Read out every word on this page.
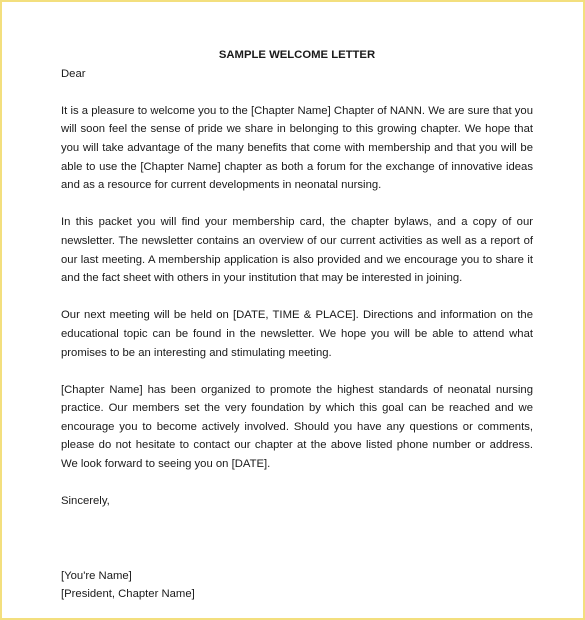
SAMPLE WELCOME LETTER

Dear

It is a pleasure to welcome you to the [Chapter Name] Chapter of NANN. We are sure that you will soon feel the sense of pride we share in belonging to this growing chapter. We hope that you will take advantage of the many benefits that come with membership and that you will be able to use the [Chapter Name] chapter as both a forum for the exchange of innovative ideas and as a resource for current developments in neonatal nursing.

In this packet you will find your membership card, the chapter bylaws, and a copy of our newsletter. The newsletter contains an overview of our current activities as well as a report of our last meeting. A membership application is also provided and we encourage you to share it and the fact sheet with others in your institution that may be interested in joining.

Our next meeting will be held on [DATE, TIME & PLACE]. Directions and information on the educational topic can be found in the newsletter. We hope you will be able to attend what promises to be an interesting and stimulating meeting.

[Chapter Name] has been organized to promote the highest standards of neonatal nursing practice. Our members set the very foundation by which this goal can be reached and we encourage you to become actively involved. Should you have any questions or comments, please do not hesitate to contact our chapter at the above listed phone number or address. We look forward to seeing you on [DATE].

Sincerely,

[You're Name]
[President, Chapter Name]
